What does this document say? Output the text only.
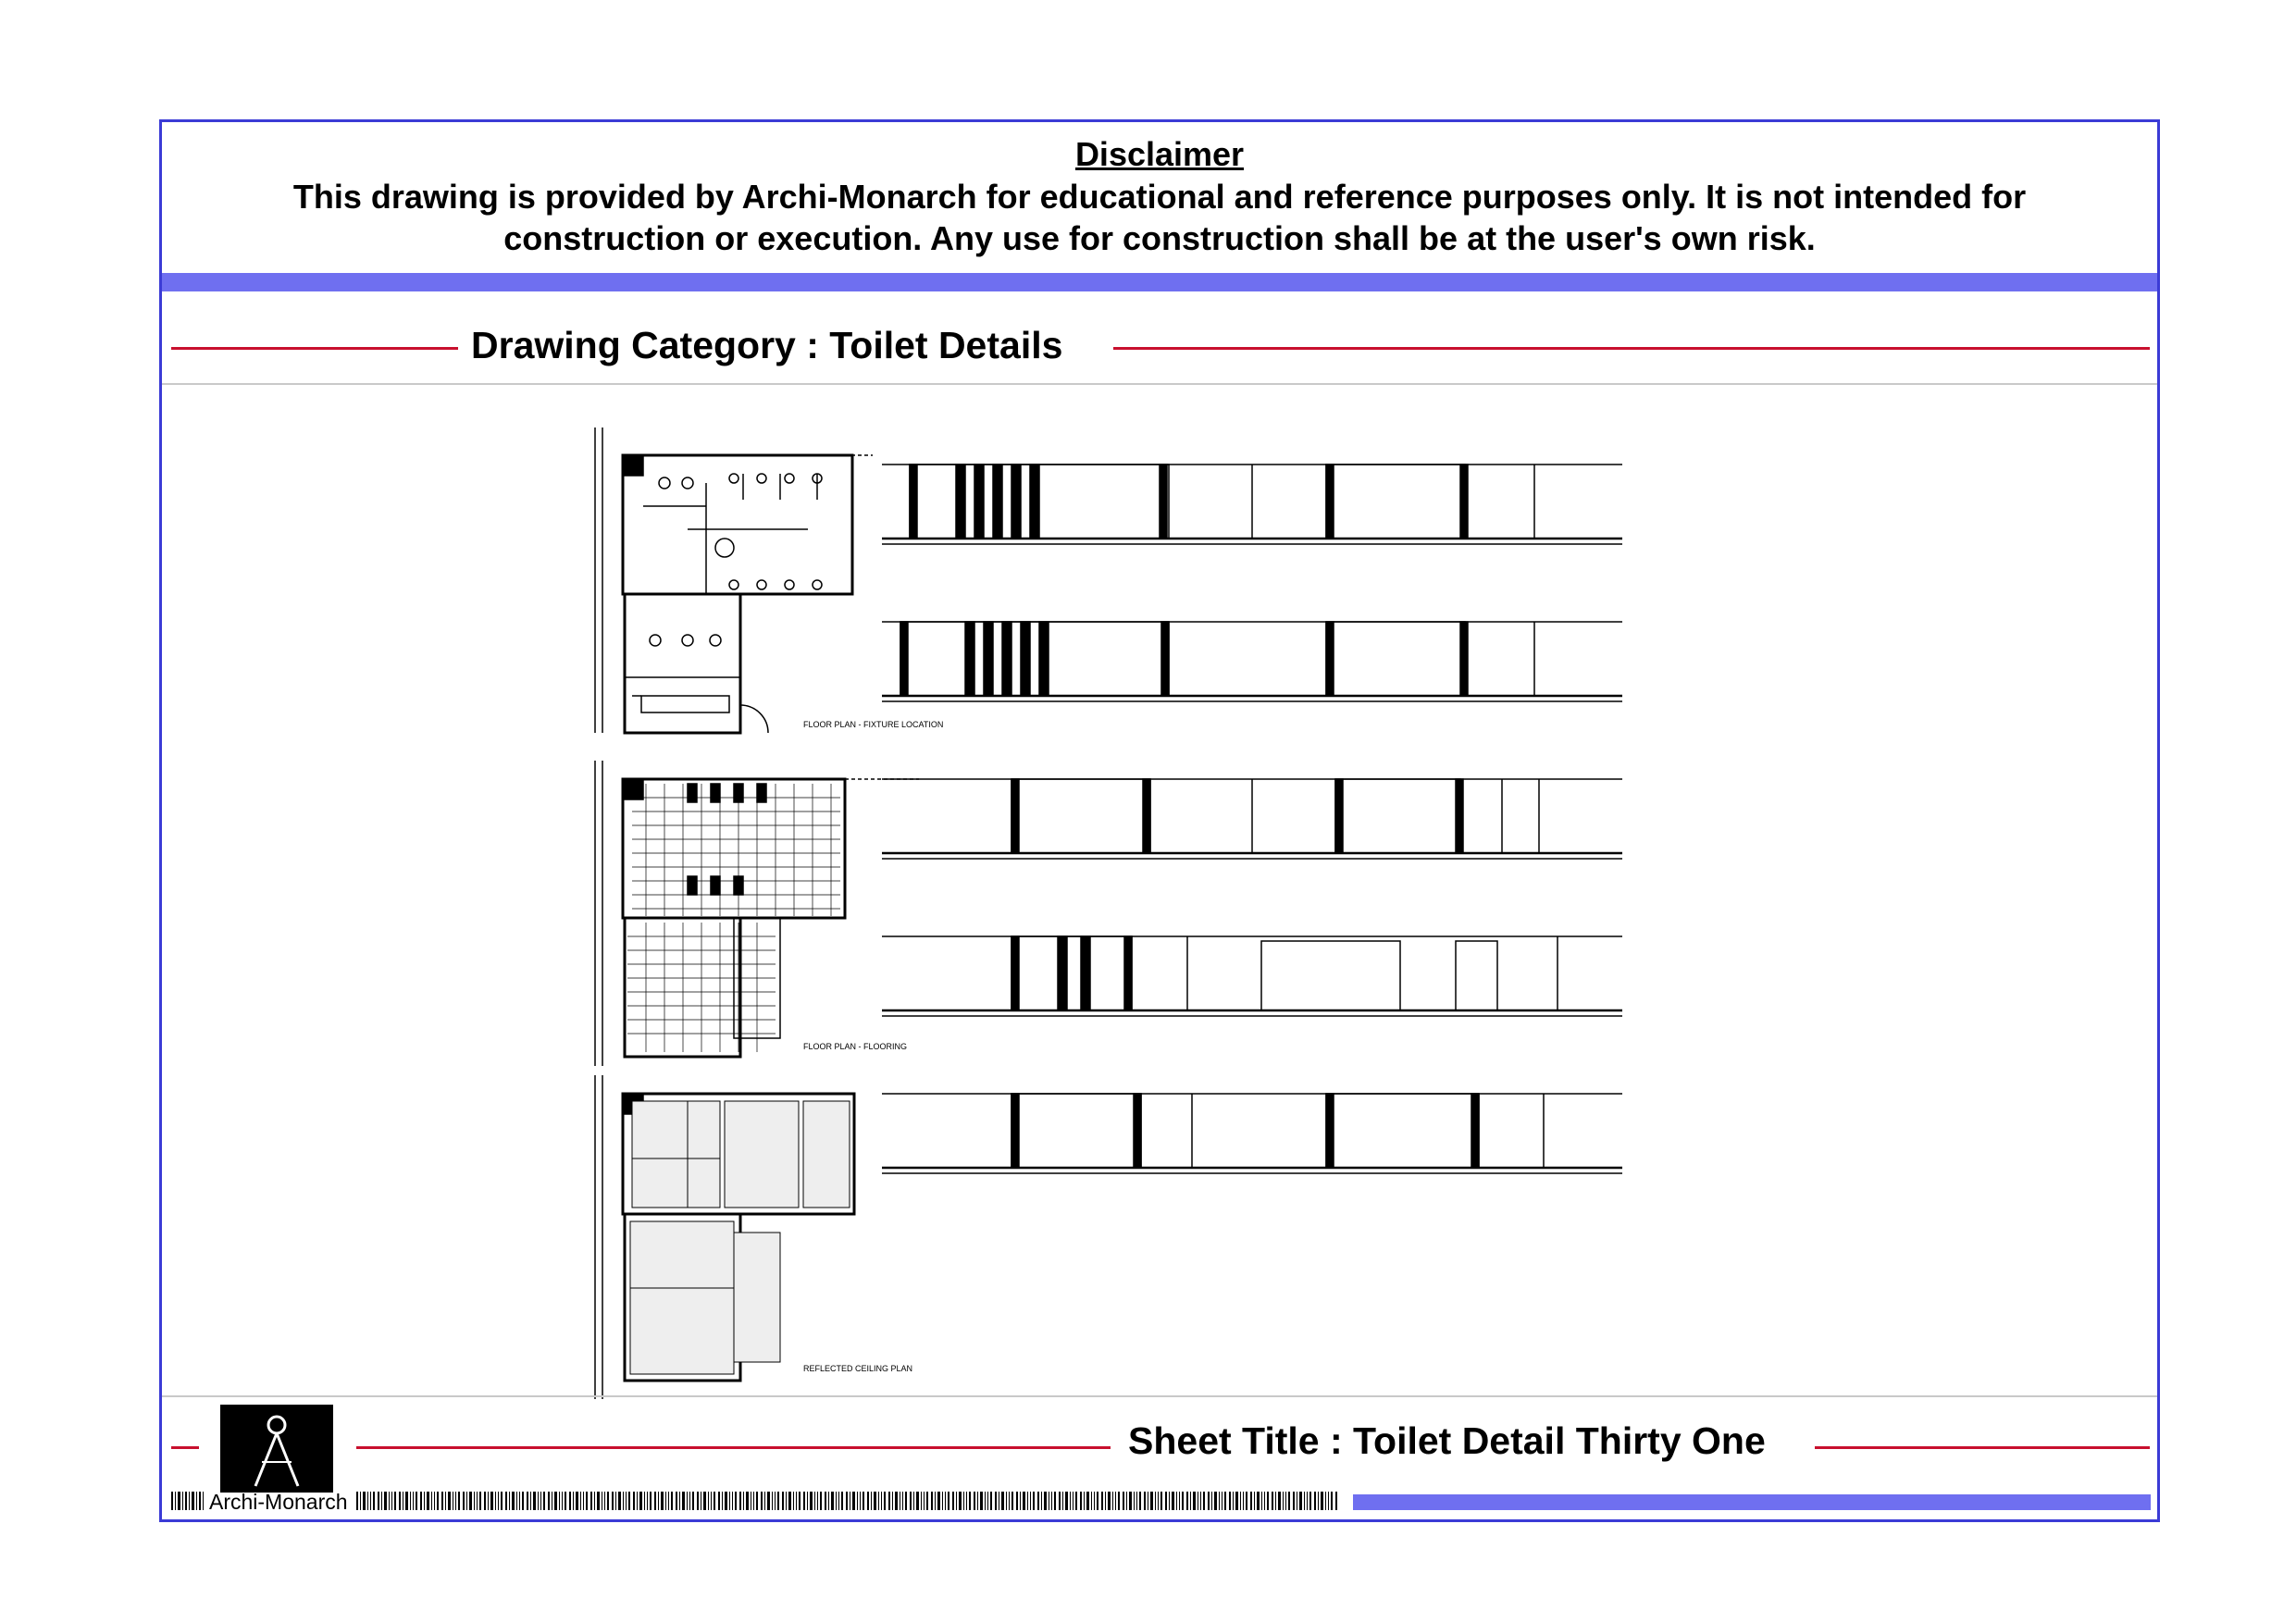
Disclaimer
This drawing is provided by Archi-Monarch for educational and reference purposes only. It is not intended for construction or execution. Any use for construction shall be at the user's own risk.
Drawing Category : Toilet Details
FLOOR PLAN - FIXTURE LOCATION
FLOOR PLAN - FLOORING
REFLECTED CEILING PLAN
Archi-Monarch
Sheet Title : Toilet Detail Thirty One
